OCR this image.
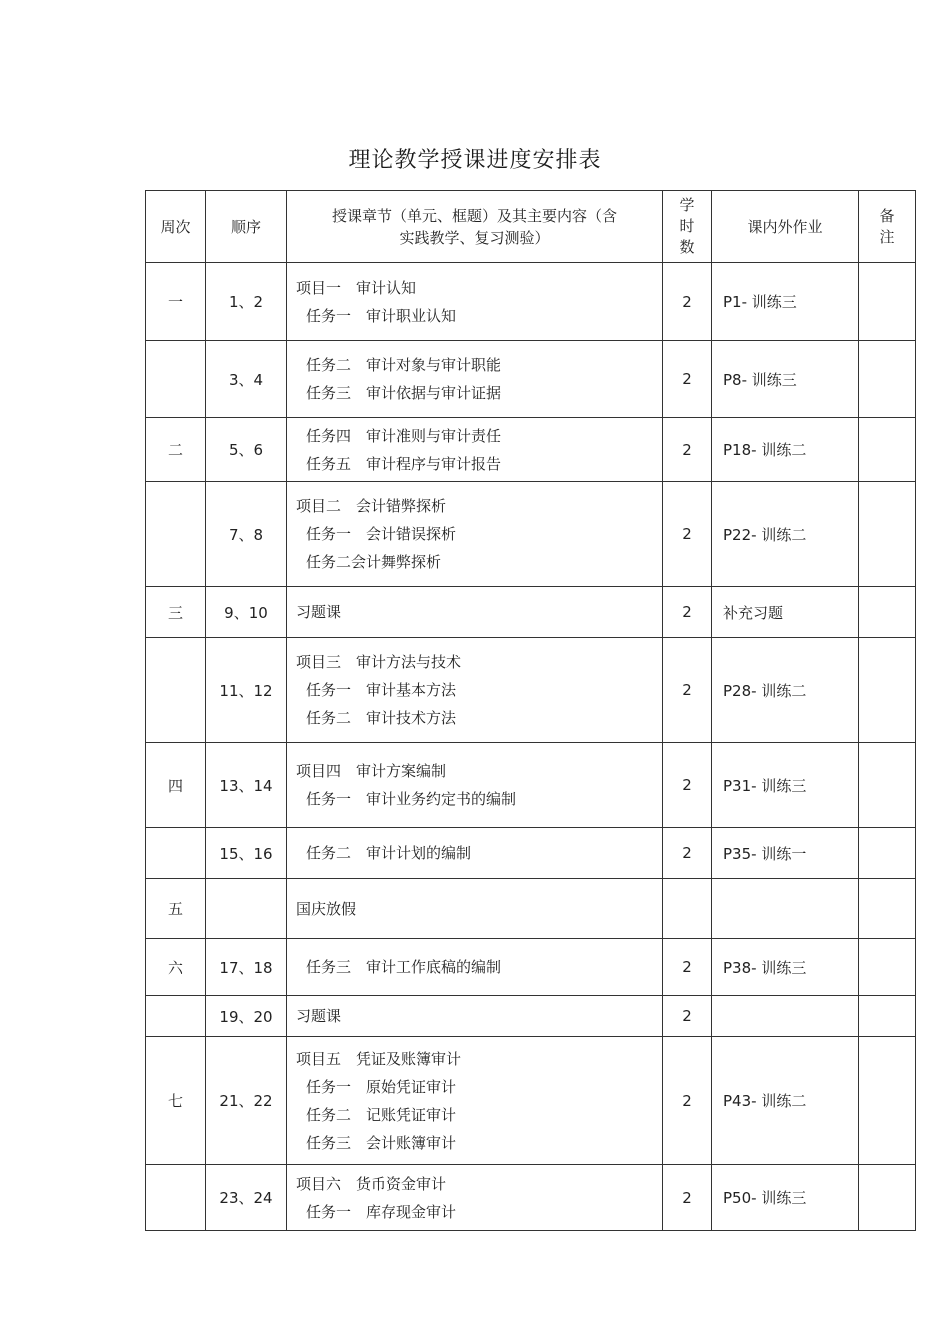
理论教学授课进度安排表
周次	顺序	授课章节（单元、框题）及其主要内容（含
实践教学、复习测验）	学
时
数	课内外作业	备
注

一	1、2	项目一　审计认知
任务一　审计职业认知	2	P1- 训练三	
	3、4	任务二　审计对象与审计职能
任务三　审计依据与审计证据	2	P8- 训练三	
二	5、6	任务四　审计准则与审计责任
任务五　审计程序与审计报告	2	P18- 训练二	
	7、8	项目二　会计错弊探析
任务一　会计错误探析
任务二会计舞弊探析	2	P22- 训练二	
三	9、10	习题课	2	补充习题	
	11、12	项目三　审计方法与技术
任务一　审计基本方法
任务二　审计技术方法	2	P28- 训练二	
四	13、14	项目四　审计方案编制
任务一　审计业务约定书的编制	2	P31- 训练三	
	15、16	任务二　审计计划的编制	2	P35- 训练一	
五		国庆放假			

六	17、18	任务三　审计工作底稿的编制	2	P38- 训练三	
	19、20	习题课	2		
七	21、22	项目五　凭证及账簿审计
任务一　原始凭证审计
任务二　记账凭证审计
任务三　会计账簿审计	2	P43- 训练二	
	23、24	项目六　货币资金审计
任务一　库存现金审计	2	P50- 训练三	
